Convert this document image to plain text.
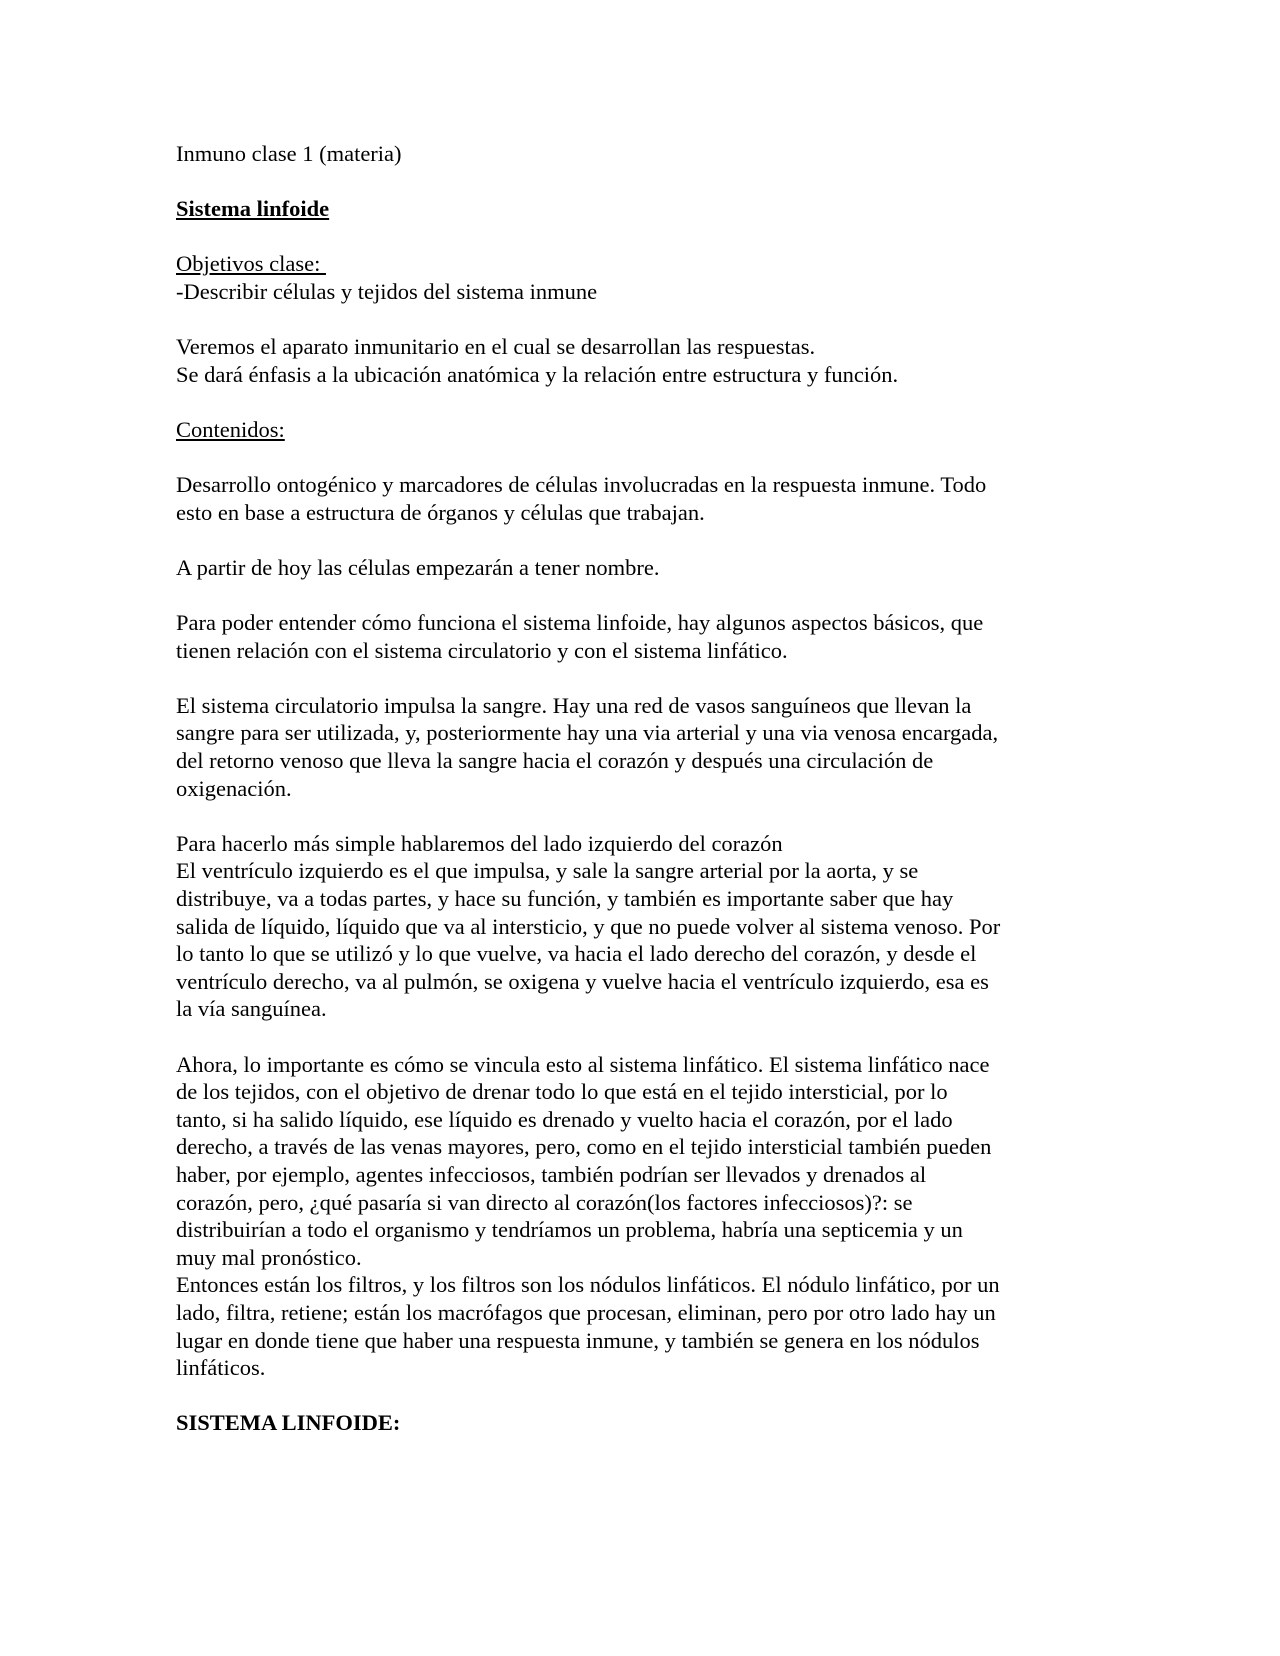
Inmuno clase 1 (materia)
Sistema linfoide
Objetivos clase:
-Describir células y tejidos del sistema inmune
Veremos el aparato inmunitario en el cual se desarrollan las respuestas.
Se dará énfasis a la ubicación anatómica y la relación entre estructura y función.
Contenidos:
Desarrollo ontogénico y marcadores de células involucradas en la respuesta inmune. Todo
esto en base a estructura de órganos y células que trabajan.
A partir de hoy las células empezarán a tener nombre.
Para poder entender cómo funciona el sistema linfoide, hay algunos aspectos básicos, que
tienen relación con el sistema circulatorio y con el sistema linfático.
El sistema circulatorio impulsa la sangre. Hay una red de vasos sanguíneos que llevan la
sangre para ser utilizada, y, posteriormente hay una via arterial y una via venosa encargada,
del retorno venoso que lleva la sangre hacia el corazón y después una circulación de
oxigenación.
Para hacerlo más simple hablaremos del lado izquierdo del corazón
El ventrículo izquierdo es el que impulsa, y sale la sangre arterial por la aorta, y se
distribuye, va a todas partes, y hace su función, y también es importante saber que hay
salida de líquido, líquido que va al intersticio, y que no puede volver al sistema venoso. Por
lo tanto lo que se utilizó y lo que vuelve, va hacia el lado derecho del corazón, y desde el
ventrículo derecho, va al pulmón, se oxigena y vuelve hacia el ventrículo izquierdo, esa es
la vía sanguínea.
Ahora, lo importante es cómo se vincula esto al sistema linfático. El sistema linfático nace
de los tejidos, con el objetivo de drenar todo lo que está en el tejido intersticial, por lo
tanto, si ha salido líquido, ese líquido es drenado y vuelto hacia el corazón, por el lado
derecho, a través de las venas mayores, pero, como en el tejido intersticial también pueden
haber, por ejemplo, agentes infecciosos, también podrían ser llevados y drenados al
corazón, pero, ¿qué pasaría si van directo al corazón(los factores infecciosos)?: se
distribuirían a todo el organismo y tendríamos un problema, habría una septicemia y un
muy mal pronóstico.
Entonces están los filtros, y los filtros son los nódulos linfáticos. El nódulo linfático, por un
lado, filtra, retiene; están los macrófagos que procesan, eliminan, pero por otro lado hay un
lugar en donde tiene que haber una respuesta inmune, y también se genera en los nódulos
linfáticos.
SISTEMA LINFOIDE:
